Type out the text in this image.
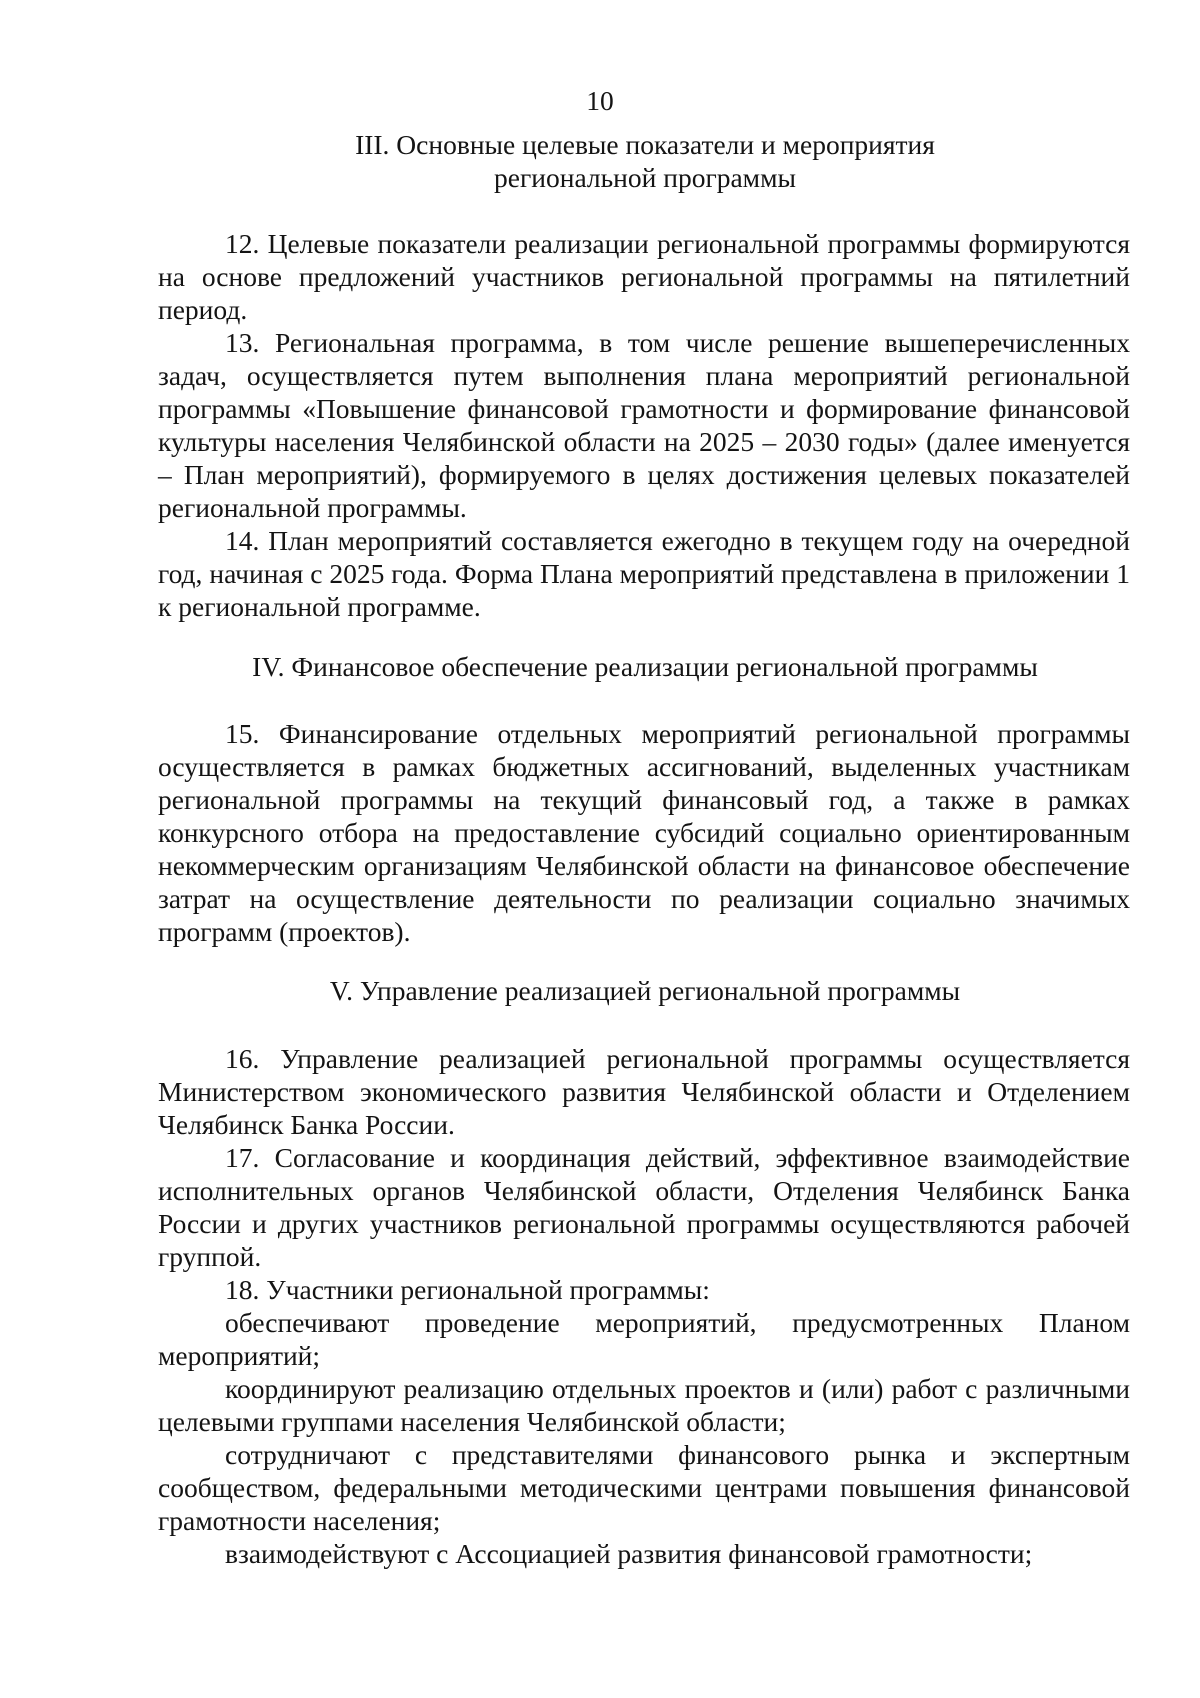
10
III. Основные целевые показатели и мероприятия
региональной программы

12. Целевые показатели реализации региональной программы формируются на основе предложений участников региональной программы на пятилетний период.

13. Региональная программа, в том числе решение вышеперечисленных задач, осуществляется путем выполнения плана мероприятий региональной программы «Повышение финансовой грамотности и формирование финансовой культуры населения Челябинской области на 2025 – 2030 годы» (далее именуется – План мероприятий), формируемого в целях достижения целевых показателей региональной программы.

14. План мероприятий составляется ежегодно в текущем году на очередной год, начиная с 2025 года. Форма Плана мероприятий представлена в приложении 1 к региональной программе.

IV. Финансовое обеспечение реализации региональной программы

15. Финансирование отдельных мероприятий региональной программы осуществляется в рамках бюджетных ассигнований, выделенных участникам региональной программы на текущий финансовый год, а также в рамках конкурсного отбора на предоставление субсидий социально ориентированным некоммерческим организациям Челябинской области на финансовое обеспечение затрат на осуществление деятельности по реализации социально значимых программ (проектов).

V. Управление реализацией региональной программы

16. Управление реализацией региональной программы осуществляется Министерством экономического развития Челябинской области и Отделением Челябинск Банка России.

17. Согласование и координация действий, эффективное взаимодействие исполнительных органов Челябинской области, Отделения Челябинск Банка России и других участников региональной программы осуществляются рабочей группой.

18. Участники региональной программы:

обеспечивают проведение мероприятий, предусмотренных Планом мероприятий;

координируют реализацию отдельных проектов и (или) работ с различными целевыми группами населения Челябинской области;

сотрудничают с представителями финансового рынка и экспертным сообществом, федеральными методическими центрами повышения финансовой грамотности населения;

взаимодействуют с Ассоциацией развития финансовой грамотности;
